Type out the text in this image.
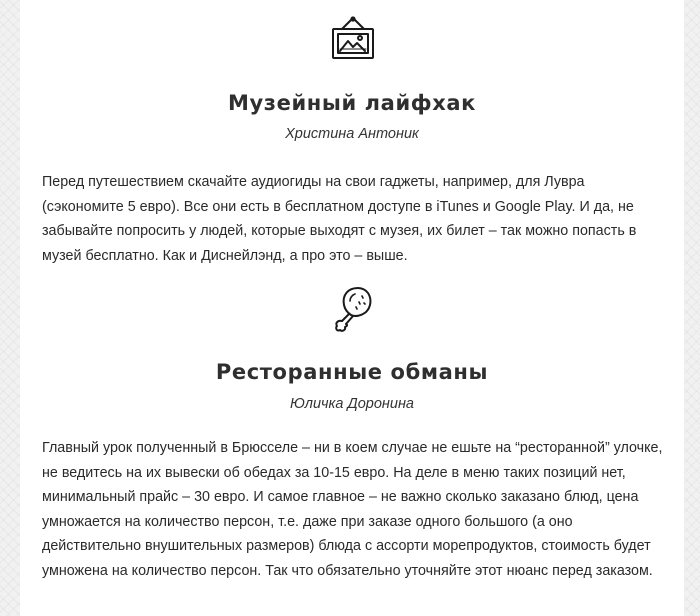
Музейный лайфхак

Христина Антоник

Перед путешествием скачайте аудиогиды на свои гаджеты, например, для Лувра (сэкономите 5 евро). Все они есть в бесплатном доступе в iTunes и Google Play. И да, не забывайте попросить у людей, которые выходят с музея, их билет – так можно попасть в музей бесплатно. Как и Диснейлэнд, а про это – выше.

Ресторанные обманы

Юличка Доронина

Главный урок полученный в Брюсселе – ни в коем случае не ешьте на “ресторанной” улочке, не ведитесь на их вывески об обедах за 10-15 евро. На деле в меню таких позиций нет, минимальный прайс – 30 евро. И самое главное – не важно сколько заказано блюд, цена умножается на количество персон, т.е. даже при заказе одного большого (а оно действительно внушительных размеров) блюда с ассорти морепродуктов, стоимость будет умножена на количество персон. Так что обязательно уточняйте этот нюанс перед заказом.
